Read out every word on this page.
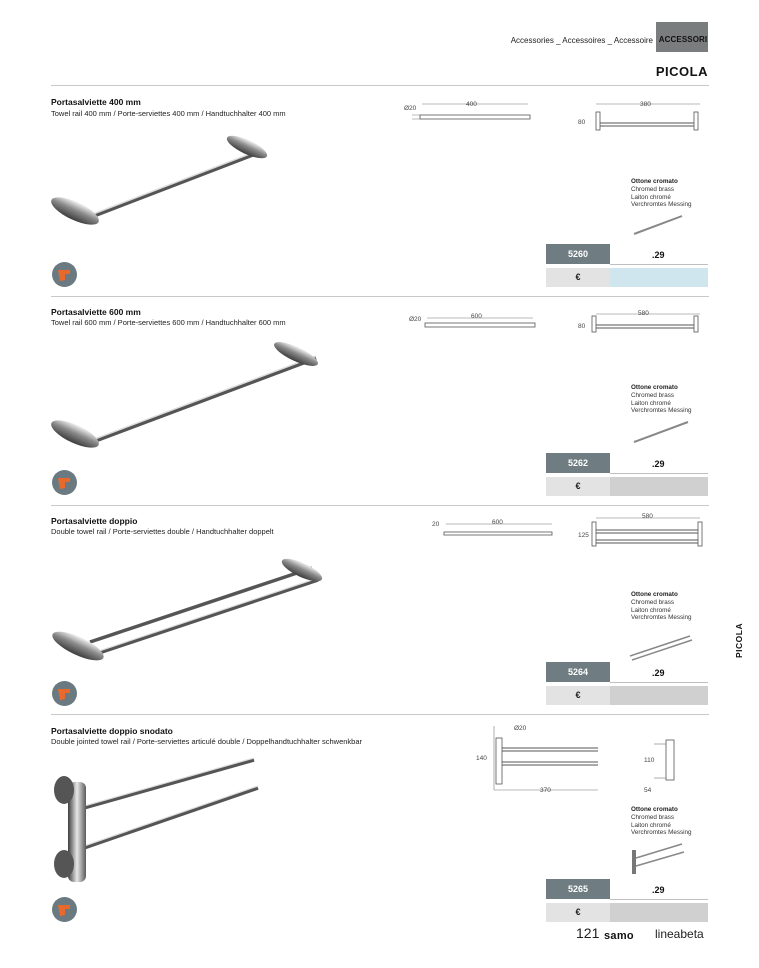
Accessories _ Accessoires _ Accessoire ACCESSORI
PICOLA
Portasalviette 400 mm
Towel rail 400 mm / Porte-serviettes 400 mm / Handtuchhalter 400 mm
Ø20
400	380
80
Ottone cromato
Chromed brass
Laiton chromé
Verchromtes Messing
5260	.29
€
Portasalviette 600 mm
Towel rail 600 mm / Porte-serviettes 600 mm / Handtuchhalter 600 mm	Ø20	600	580
80
Ottone cromato
Chromed brass
Laiton chromé
Verchromtes Messing
5262	.29
€
Portasalviette doppio
Double towel rail / Porte-serviettes double / Handtuchhalter doppelt
20	600
580
125
Ottone cromato
Chromed brass
Laiton chromé
Verchromtes Messing
5264	.29
€
Portasalviette doppio snodato
Double jointed towel rail / Porte-serviettes articulé double / Doppelhandtuchhalter schwenkbar
Ø20
140
370
110
54
Ottone cromato
Chromed brass
Laiton chromé
Verchromtes Messing
5265	.29
€
PICOLA
121 samo lineabeta
